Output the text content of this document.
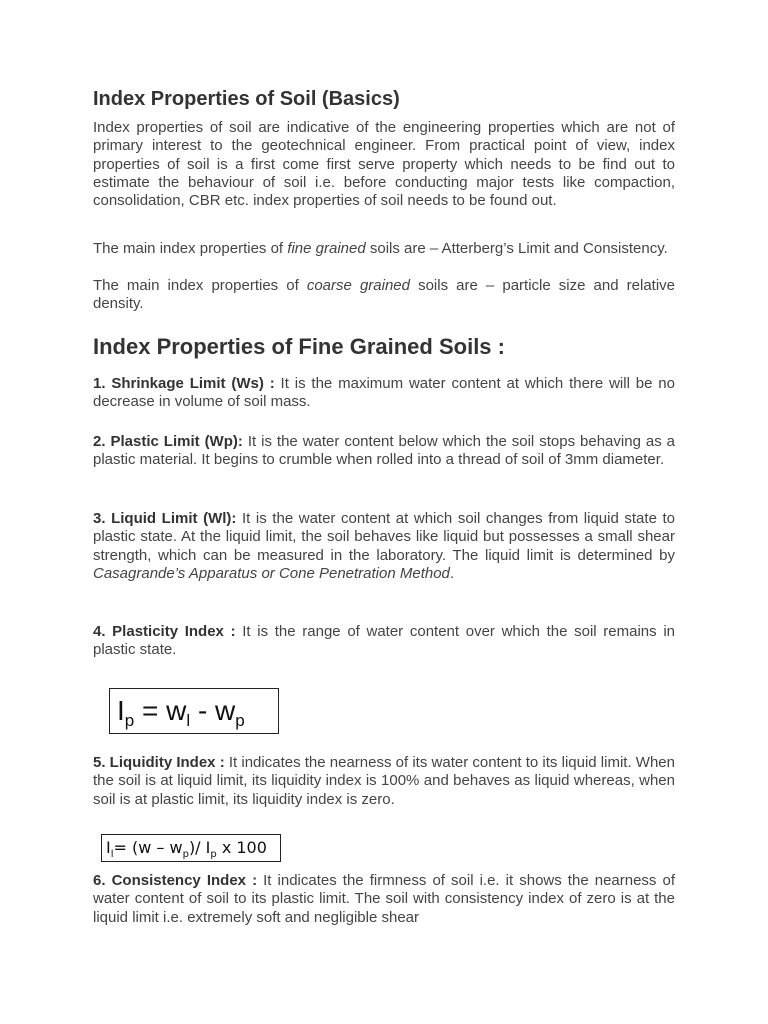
Index Properties of Soil (Basics)

Index properties of soil are indicative of the engineering properties which are not of primary interest to the geotechnical engineer. From practical point of view, index properties of soil is a first come first serve property which needs to be find out to estimate the behaviour of soil i.e. before conducting major tests like compaction, consolidation, CBR etc. index properties of soil needs to be found out.

The main index properties of fine grained soils are – Atterberg’s Limit and Consistency.

The main index properties of coarse grained soils are – particle size and relative density.

Index Properties of Fine Grained Soils :

1. Shrinkage Limit (Ws) : It is the maximum water content at which there will be no decrease in volume of soil mass.

2. Plastic Limit (Wp): It is the water content below which the soil stops behaving as a plastic material. It begins to crumble when rolled into a thread of soil of 3mm diameter.

3. Liquid Limit (Wl): It is the water content at which soil changes from liquid state to plastic state. At the liquid limit, the soil behaves like liquid but possesses a small shear strength, which can be measured in the laboratory. The liquid limit is determined by Casagrande’s Apparatus or Cone Penetration Method.

4. Plasticity Index : It is the range of water content over which the soil remains in plastic state.

$I_p = w_l - w_p$

5. Liquidity Index : It indicates the nearness of its water content to its liquid limit. When the soil is at liquid limit, its liquidity index is 100% and behaves as liquid whereas, when soil is at plastic limit, its liquidity index is zero.

$I_l= (w - w_p)/$ $I_p$ x 100

6. Consistency Index : It indicates the firmness of soil i.e. it shows the nearness of water content of soil to its plastic limit. The soil with consistency index of zero is at the liquid limit i.e. extremely soft and negligible shear
